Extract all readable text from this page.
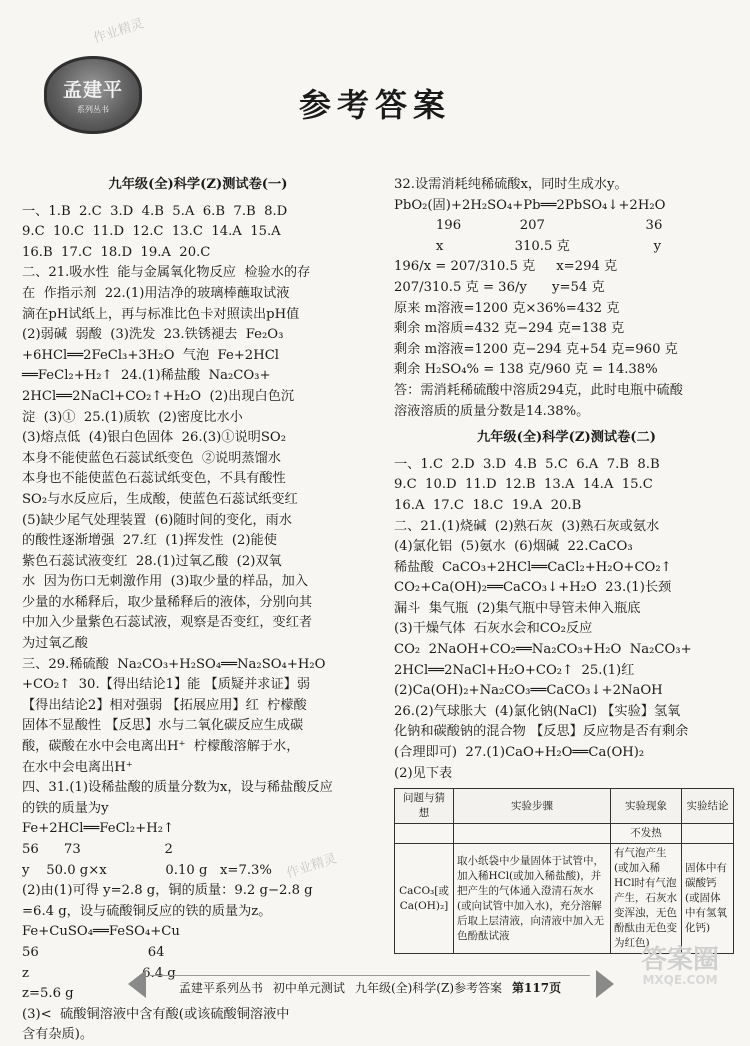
作业精灵
作业精灵
孟建平
系列丛书	参考答案

九年级(全)科学(Z)测试卷(一)

一、1.B  2.C  3.D  4.B  5.A  6.B  7.B  8.D

9.C  10.C  11.D  12.C  13.C  14.A  15.A

16.B  17.C  18.D  19.A  20.C

二、21.吸水性  能与金属氧化物反应  检验水的存

在  作指示剂  22.(1)用洁净的玻璃棒蘸取试液

滴在pH试纸上，再与标准比色卡对照读出pH值

(2)弱碱  弱酸  (3)洗发  23.铁锈褪去  Fe₂O₃

+6HCl══2FeCl₃+3H₂O  气泡  Fe+2HCl

══FeCl₂+H₂↑  24.(1)稀盐酸  Na₂CO₃+

2HCl══2NaCl+CO₂↑+H₂O  (2)出现白色沉

淀  (3)①  25.(1)质软  (2)密度比水小

(3)熔点低  (4)银白色固体  26.(3)①说明SO₂

本身不能使蓝色石蕊试纸变色  ②说明蒸馏水

本身也不能使蓝色石蕊试纸变色，不具有酸性

SO₂与水反应后，生成酸，使蓝色石蕊试纸变红

(5)缺少尾气处理装置  (6)随时间的变化，雨水

的酸性逐渐增强  27.红  (1)挥发性  (2)能使

紫色石蕊试液变红  28.(1)过氧乙酸  (2)双氧

水  因为伤口无刺激作用  (3)取少量的样品，加入

少量的水稀释后，取少量稀释后的液体，分别向其

中加入少量紫色石蕊试液，观察是否变红，变红者

为过氧乙酸

三、29.稀硫酸  Na₂CO₃+H₂SO₄══Na₂SO₄+H₂O

+CO₂↑  30.【得出结论1】能 【质疑并求证】弱

【得出结论2】相对强弱 【拓展应用】红  柠檬酸

固体不显酸性 【反思】水与二氧化碳反应生成碳

酸，碳酸在水中会电离出H⁺  柠檬酸溶解于水，

在水中会电离出H⁺

四、31.(1)设稀盐酸的质量分数为x，设与稀盐酸反应

的铁的质量为y

Fe+2HCl══FeCl₂+H₂↑

56      73                    2

y    50.0 g×x              0.10 g   x=7.3%

(2)由(1)可得 y=2.8 g，铜的质量：9.2 g−2.8 g

=6.4 g，设与硫酸铜反应的铁的质量为z。

Fe+CuSO₄══FeSO₄+Cu

56                          64

z                           6.4 g

z=5.6 g

(3)<  硫酸铜溶液中含有酸(或该硫酸铜溶液中

含有杂质)。

32.设需消耗纯稀硫酸x，同时生成水y。

PbO₂(固)+2H₂SO₄+Pb══2PbSO₄↓+2H₂O

196              207                        36

x                 310.5 克                    y

196/x = 207/310.5 克     x=294 克

207/310.5 克 = 36/y      y=54 克

原来 m溶液=1200 克×36%=432 克

剩余 m溶质=432 克−294 克=138 克

剩余 m溶液=1200 克−294 克+54 克=960 克

剩余 H₂SO₄% = 138 克/960 克 = 14.38%

答：需消耗稀硫酸中溶质294克，此时电瓶中硫酸

溶液溶质的质量分数是14.38%。

九年级(全)科学(Z)测试卷(二)

一、1.C  2.D  3.D  4.B  5.C  6.A  7.B  8.B

9.C  10.D  11.D  12.B  13.A  14.A  15.C

16.A  17.C  18.C  19.A  20.B

二、21.(1)烧碱  (2)熟石灰  (3)熟石灰或氨水

(4)氯化铝  (5)氨水  (6)烟碱  22.CaCO₃

稀盐酸  CaCO₃+2HCl══CaCl₂+H₂O+CO₂↑

CO₂+Ca(OH)₂══CaCO₃↓+H₂O  23.(1)长颈

漏斗  集气瓶  (2)集气瓶中导管未伸入瓶底

(3)干燥气体  石灰水会和CO₂反应

CO₂  2NaOH+CO₂══Na₂CO₃+H₂O  Na₂CO₃+

2HCl══2NaCl+H₂O+CO₂↑  25.(1)红

(2)Ca(OH)₂+Na₂CO₃══CaCO₃↓+2NaOH

26.(2)气球胀大  (4)氯化钠(NaCl) 【实验】氢氧

化钠和碳酸钠的混合物 【反思】反应物是否有剩余

(合理即可)  27.(1)CaO+H₂O══Ca(OH)₂

(2)见下表

问题与猜想	实验步骤	实验现象	实验结论
		不发热	
CaCO₃[或Ca(OH)₂]	取小纸袋中少量固体于试管中，加入稀HCl(或加入稀盐酸)，并把产生的气体通入澄清石灰水(或向试管中加入水)，充分溶解后取上层清液，向清液中加入无色酚酞试液	有气泡产生(或加入稀HCl时有气泡产生，石灰水变浑浊，无色酚酞由无色变为红色)	固体中有碳酸钙(或固体中有氢氧化钙)
孟建平系列丛书 初中单元测试 九年级(全)科学(Z)参考答案 第117页
答案圈
MXQE.COM
